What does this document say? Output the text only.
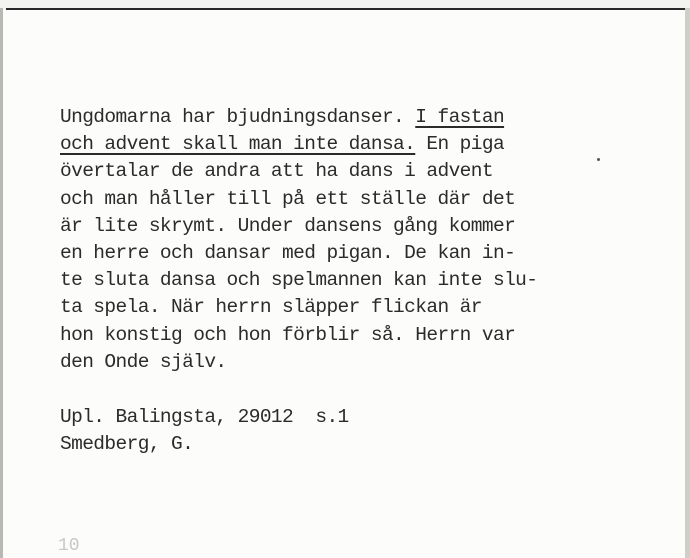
Ungdomarna har bjudningsdanser. I fastan
och advent skall man inte dansa. En piga
övertalar de andra att ha dans i advent
och man håller till på ett ställe där det
är lite skrymt. Under dansens gång kommer
en herre och dansar med pigan. De kan in-
te sluta dansa och spelmannen kan inte slu-
ta spela. När herrn släpper flickan är
hon konstig och hon förblir så. Herrn var
den Onde själv.
Upl. Balingsta, 29012  s.1
Smedberg, G.
10
